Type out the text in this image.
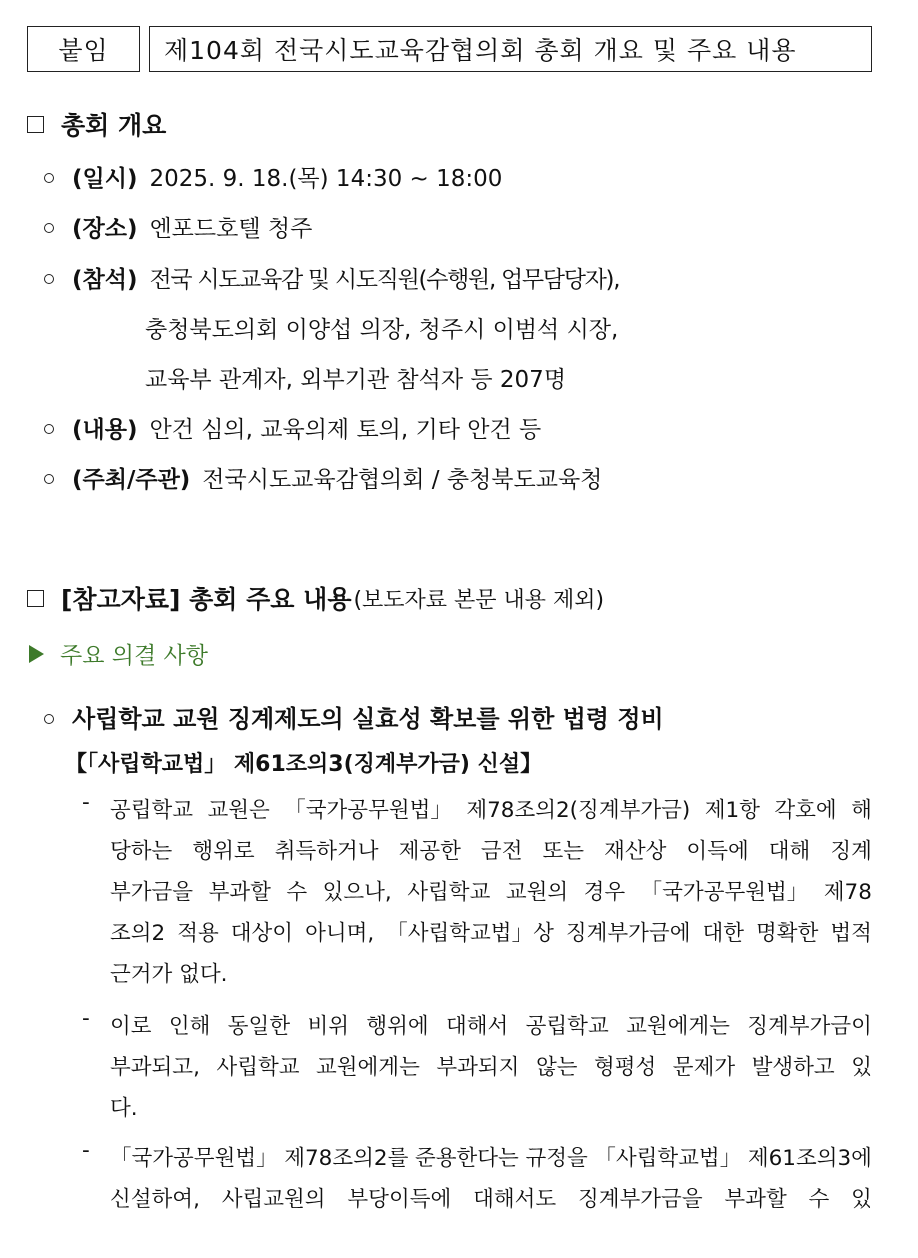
붙임 제104회 전국시도교육감협의회 총회 개요 및 주요 내용
총회 개요
(일시) 2025. 9. 18.(목) 14:30 ~ 18:00
(장소) 엔포드호텔 청주
(참석) 전국 시도교육감 및 시도직원(수행원, 업무담당자),
충청북도의회 이양섭 의장, 청주시 이범석 시장,
교육부 관계자, 외부기관 참석자 등 207명
(내용) 안건 심의, 교육의제 토의, 기타 안건 등
(주최/주관) 전국시도교육감협의회 / 충청북도교육청
[참고자료] 총회 주요 내용 (보도자료 본문 내용 제외)
주요 의결 사항
사립학교 교원 징계제도의 실효성 확보를 위한 법령 정비
【「사립학교법」 제61조의3(징계부가금) 신설】
- 공립학교 교원은 「국가공무원법」 제78조의2(징계부가금) 제1항 각호에 해
당하는 행위로 취득하거나 제공한 금전 또는 재산상 이득에 대해 징계
부가금을 부과할 수 있으나, 사립학교 교원의 경우 「국가공무원법」 제78
조의2 적용 대상이 아니며, 「사립학교법」상 징계부가금에 대한 명확한 법적
근거가 없다.
- 이로 인해 동일한 비위 행위에 대해서 공립학교 교원에게는 징계부가금이
부과되고, 사립학교 교원에게는 부과되지 않는 형평성 문제가 발생하고 있
다.
- 「국가공무원법」 제78조의2를 준용한다는 규정을 「사립학교법」 제61조의3에
신설하여, 사립교원의 부당이득에 대해서도 징계부가금을 부과할 수 있
